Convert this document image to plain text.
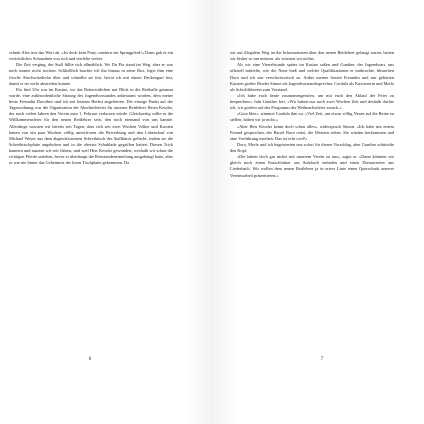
schnitt Alex mir das Wort ab. »Ist doch kein Pony, sondern ein Springpferd!« Dann gab er ein verächtliches Schnauben von sich und stiefelte weiter.

Die Zeit verging, der Stall füllte sich allmählich. Wo Du Pia stand im Weg, aber er war noch immer nicht trocken. Schließlich brachte ich ihn hinaus in seine Box, legte ihm eine frische Abschwitzdecke über und schnallte sie fest, bevor ich mit einem Deckengurt fest, damit er sie nicht abstreifen konnte.

Für fünf Uhr war im Kasino, wo das Reiterstübchen mit Blick in die Reithalle genannt wurde, eine außerordentliche Sitzung des Jugendvorstandes anberaumt worden, dem meine beste Freundin Dorothee und ich seit letztem Herbst angehörten. Der einzige Punkt auf der Tagesordnung war die Organisation der Abschiedsfeier für unseren Reitlehrer Herrn Kessler, der nach vielen Jahren den Verein zum 1. Februar verlassen würde. Gleichzeitig sollte es die Willkommensfeier für den neuen Reitlehrer sein, den noch niemand von uns kannte. Allerdings wussten wir bereits seit Tagen, dass sich seit zwei Wochen Volker und Karsten hatten von ein paar Wochen völlig unverfroren die Bewerbung und den Lebenslauf von Michael Weyer aus dem abgeschlossenen Schreibtisch des Stallbüros gefischt, indem sie die Schreibtischplatte angehoben und in die oberste Schublade gegriffen hatten. Diesen Trick kannten und nutzten wir seit Jahren, und weil Herr Kessler gewundert, weshalb wir schon die richtigen Pferde sattelten, bevor er überhaupt die Reitstundeneinteilung ausgehängt hatte, aber er war nie hinter das Geheimnis der losen Tischplatte gekommen. Da

6

wir auf illegalem Weg an die Informationen über den neuen Reitlehrer gelangt waren, hatten wir bisher so tun müssen, als wüssten wir nichts.

Als wir eine Viertelstunde später im Kasino saßen und Gunther, der Jugendwart, uns offiziell mitteilte, wie der Neue hieß und welche Qualifikationen er mitbrachte, blinzelten Doro und ich uns verschwörerisch zu. Außer meiner besten Freundin und mir gehörten Karsten großer Bruder Simon als Jugendvorstandssprecher, Cordula als Kassiererin und Merle als Schriftführerin zum Vorstand.

»Ich habe euch heute zusammengerufen, um mit euch den Ablauf der Feier zu besprechen«, fuhr Gunther fort. »Wir haben nur noch zwei Wochen Zeit und deshalb dachte ich, wir greifen auf das Programm der Weihnachtsfeier zurück.«

»Gute Idee«, stimmte Cordula ihm zu. »Viel Zeit, um etwas völlig Neues auf die Beine zu stellen, haben wir ja nicht.«

»Aber Herr Kessler kennt doch schon alles«, widersprach Simon. »Ich habe mit einem Freund gesprochen, der Barrel Race reitet, die Western reiten. Sie würden herkommen und eine Vorführung machen. Das ist echt cool!«

Doro, Merle und ich begeisterten uns sofort für diesen Vorschlag, aber Gunther schüttelte den Kopf.

»Die haben doch gar nichts mit unserem Verein zu tun«, sagte er. »Dann könnten wir gleich noch einen Kutschfahrer aus Sulzbach einladen und einen Dressurreiter aus Liederbach. Wir wollen dem neuen Reitlehrer ja in erster Linie einen Querschnitt unserer Vereinsarbeit präsentieren.«

7
